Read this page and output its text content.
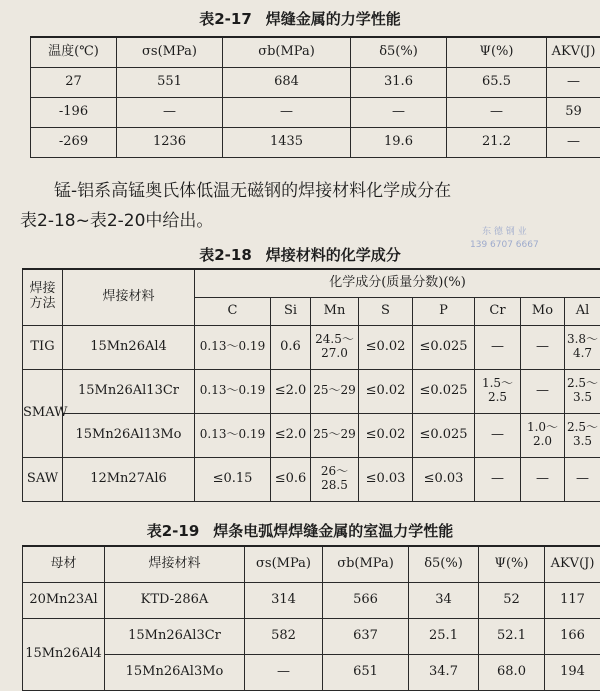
表2-17 焊缝金属的力学性能
温度(℃)	σs(MPa)	σb(MPa)	δ5(%)	Ψ(%)	AKV(J)
27	551	684	31.6	65.5	—
-196	—	—	—	—	59
-269	1236	1435	19.6	21.2	—
锰-铝系高锰奥氏体低温无磁钢的焊接材料化学成分在
表2-18~表2-20中给出。
东 德 钢 业
139 6707 6667
表2-18 焊接材料的化学成分
焊接方法	焊接材料	化学成分(质量分数)(%)							
		C	Si	Mn	S	P	Cr	Mo	Al
TIG	15Mn26Al4	0.13～0.19	0.6	24.5～27.0	≤0.02	≤0.025	—	—	3.8～4.7
SMAW	15Mn26Al13Cr	0.13～0.19	≤2.0	25～29	≤0.02	≤0.025	1.5～2.5	—	2.5～3.5
	15Mn26Al13Mo	0.13～0.19	≤2.0	25～29	≤0.02	≤0.025	—	1.0～2.0	2.5～3.5
SAW	12Mn27Al6	≤0.15	≤0.6	26～28.5	≤0.03	≤0.03	—	—	—
表2-19 焊条电弧焊焊缝金属的室温力学性能
母材	焊接材料	σs(MPa)	σb(MPa)	δ5(%)	Ψ(%)	AKV(J)
20Mn23Al	KTD-286A	314	566	34	52	117
15Mn26Al4	15Mn26Al3Cr	582	637	25.1	52.1	166
	15Mn26Al3Mo	—	651	34.7	68.0	194
